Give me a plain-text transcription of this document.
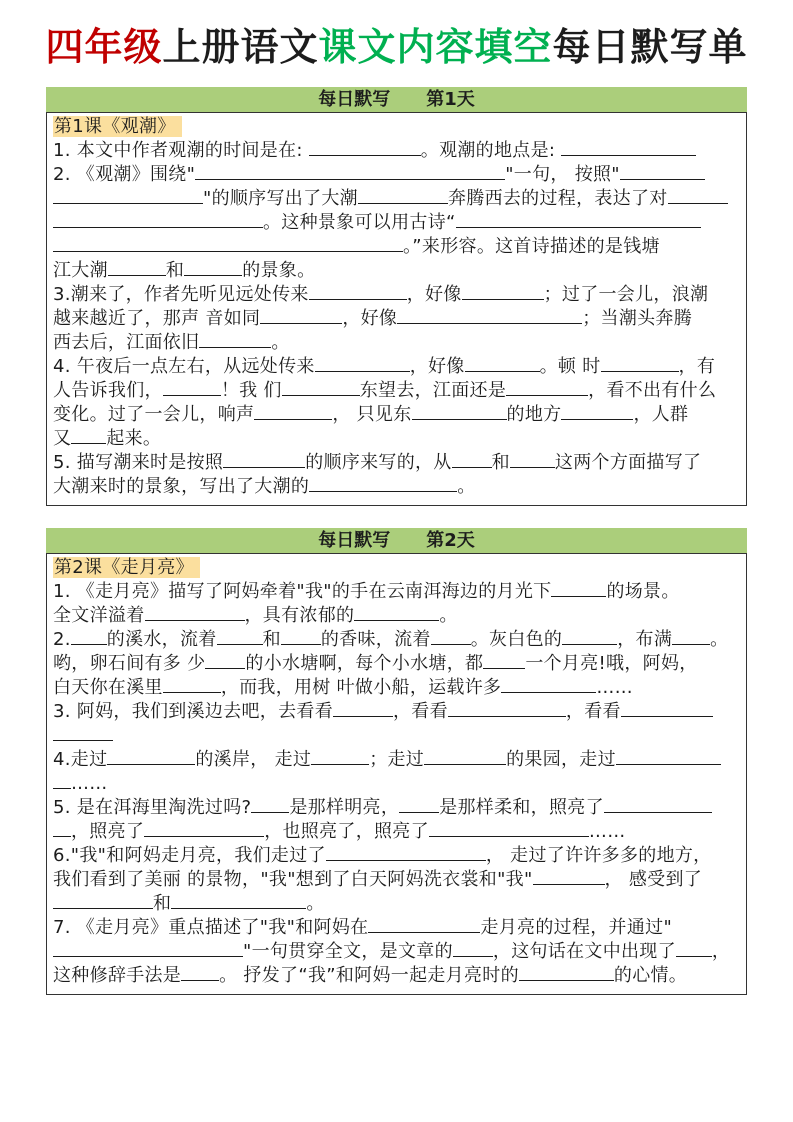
四年级上册语文课文内容填空每日默写单
每日默写　　第1天
第1课《观潮》
1. 本文中作者观潮的时间是在:	。观潮的地点是:
2. 《观潮》围绕"	"一句， 按照"
"的顺序写出了大潮	奔腾西去的过程，表达了对
。这种景象可以用古诗“
。”来形容。这首诗描述的是钱塘
江大潮	和	的景象。
3.潮来了，作者先听见远处传来	，好像	；过了一会儿，浪潮
越来越近了，那声 音如同	，好像	；当潮头奔腾
西去后，江面依旧	。
4. 午夜后一点左右，从远处传来	，好像	。顿 时	，有
人告诉我们，	！我 们	东望去，江面还是	，看不出有什么
变化。过了一会儿，响声	， 只见东	的地方	，人群
又 起来。
5. 描写潮来时是按照	的顺序来写的，从 和	这两个方面描写了
大潮来时的景象，写出了大潮的	。
每日默写　　第2天
第2课《走月亮》
1. 《走月亮》描写了阿妈牵着"我"的手在云南洱海边的月光下	的场景。
全文洋溢着	，具有浓郁的	。
2. 的溪水，流着	和 的香味，流着 。灰白色的	，布满 。
哟，卵石间有多 少 的小水塘啊，每个小水塘，都 一个月亮!哦，阿妈，
白天你在溪里	，而我，用树 叶做小船，运载许多	……
3. 阿妈，我们到溪边去吧，去看看	，看看	，看看
4.走过	的溪岸， 走过	；走过	的果园，走过
……
5. 是在洱海里淘洗过吗? 是那样明亮， 是那样柔和，照亮了
，照亮了	，也照亮了，照亮了	……
6."我"和阿妈走月亮，我们走过了	， 走过了许许多多的地方，
我们看到了美丽 的景物，"我"想到了白天阿妈洗衣裳和"我"	， 感受到了
和	。
7. 《走月亮》重点描述了"我"和阿妈在	走月亮的过程，并通过"
"一句贯穿全文，是文章的 ，这句话在文中出现了 ，
这种修辞手法是 。 抒发了“我”和阿妈一起走月亮时的	的心情。
